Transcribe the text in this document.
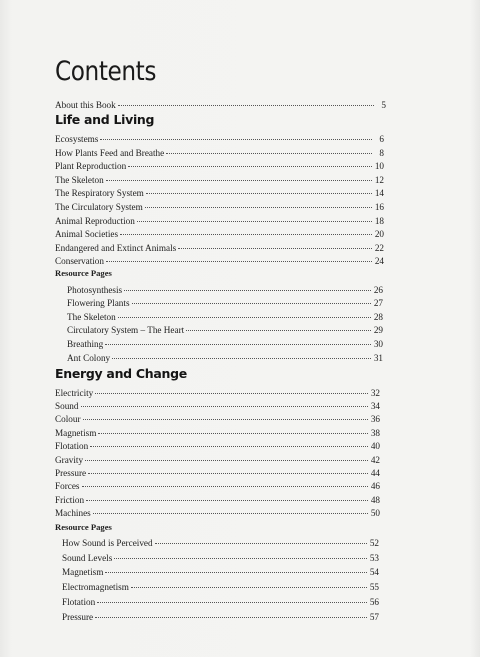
Contents
About this Book	5
Life and Living
Ecosystems	6
How Plants Feed and Breathe	8
Plant Reproduction	10
The Skeleton	12
The Respiratory System	14
The Circulatory System	16
Animal Reproduction	18
Animal Societies	20
Endangered and Extinct Animals	22
Conservation	24
Resource Pages
Photosynthesis	26
Flowering Plants	27
The Skeleton	28
Circulatory System – The Heart	29
Breathing	30
Ant Colony	31
Energy and Change
Electricity	32
Sound	34
Colour	36
Magnetism	38
Flotation	40
Gravity	42
Pressure	44
Forces	46
Friction	48
Machines	50
Resource Pages
How Sound is Perceived	52
Sound Levels	53
Magnetism	54
Electromagnetism	55
Flotation	56
Pressure	57
